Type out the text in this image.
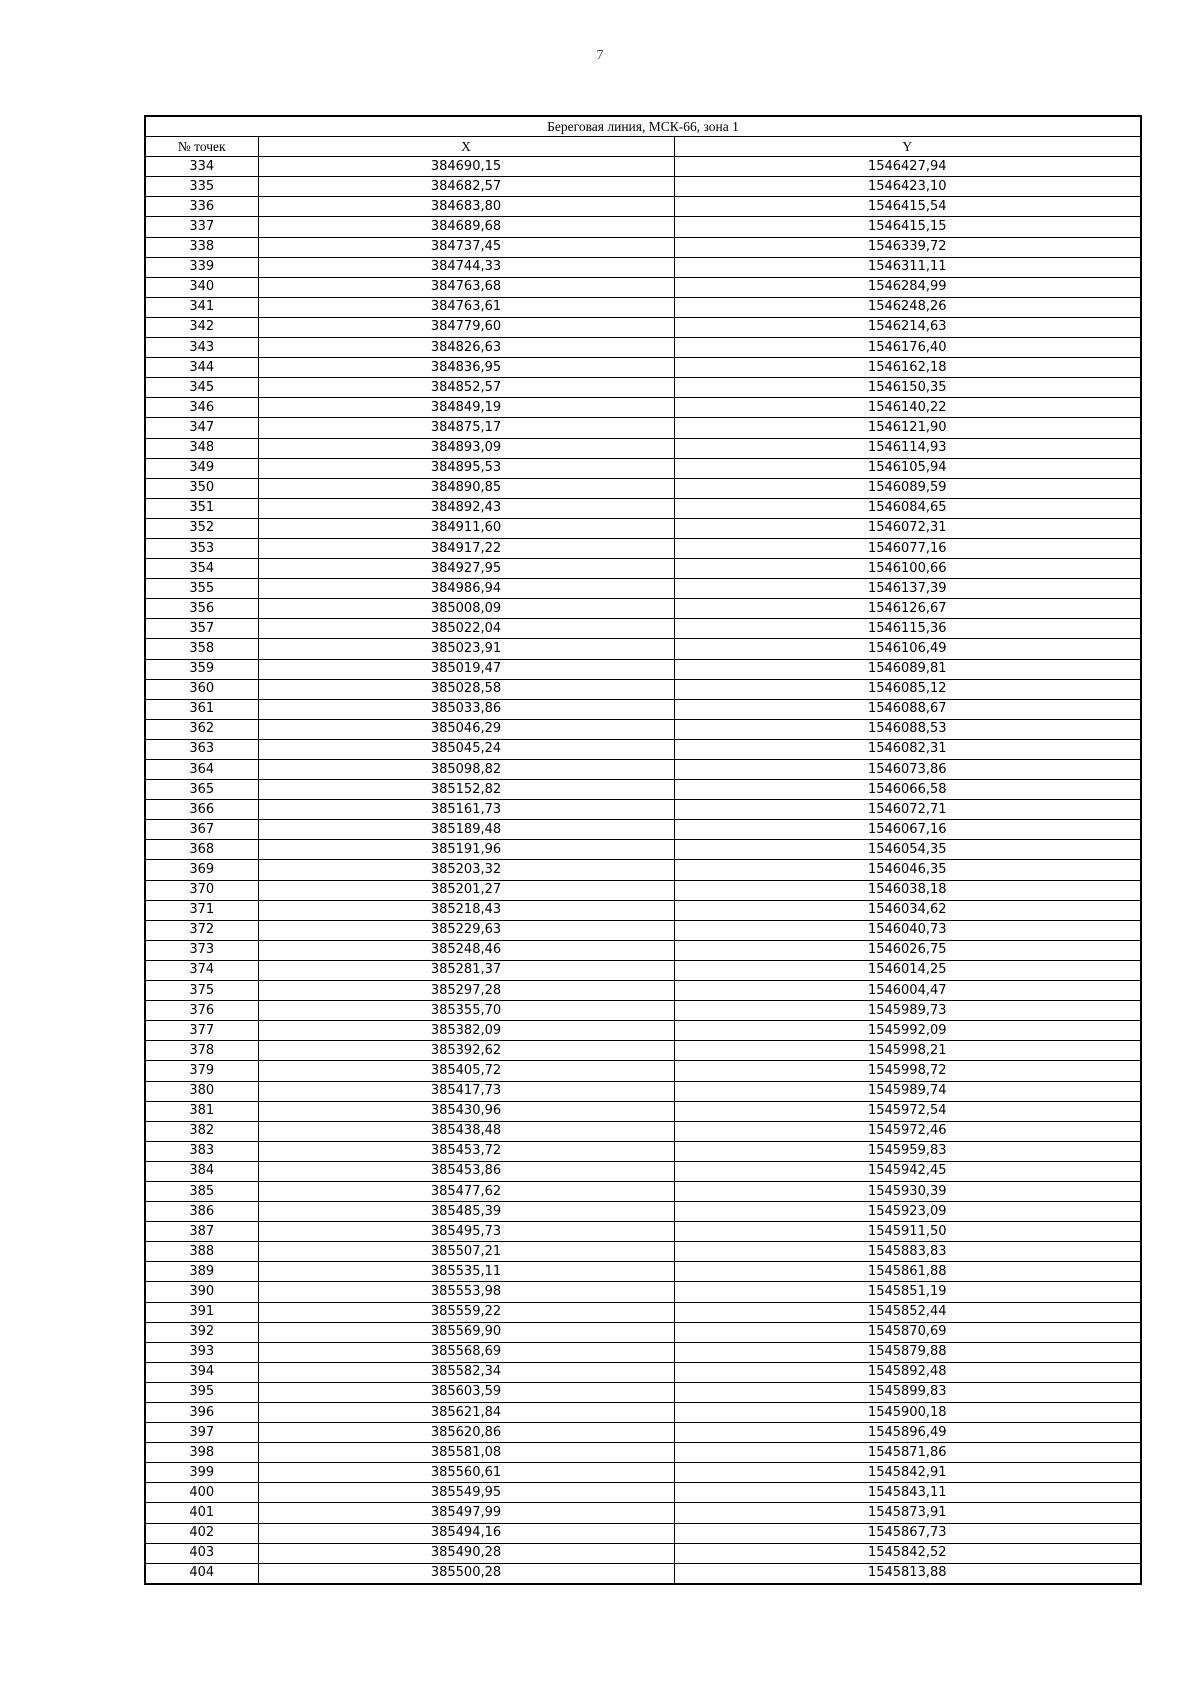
7
Береговая линия, МСК-66, зона 1		
№ точек	X	Y
334	384690,15	1546427,94
335	384682,57	1546423,10
336	384683,80	1546415,54
337	384689,68	1546415,15
338	384737,45	1546339,72
339	384744,33	1546311,11
340	384763,68	1546284,99
341	384763,61	1546248,26
342	384779,60	1546214,63
343	384826,63	1546176,40
344	384836,95	1546162,18
345	384852,57	1546150,35
346	384849,19	1546140,22
347	384875,17	1546121,90
348	384893,09	1546114,93
349	384895,53	1546105,94
350	384890,85	1546089,59
351	384892,43	1546084,65
352	384911,60	1546072,31
353	384917,22	1546077,16
354	384927,95	1546100,66
355	384986,94	1546137,39
356	385008,09	1546126,67
357	385022,04	1546115,36
358	385023,91	1546106,49
359	385019,47	1546089,81
360	385028,58	1546085,12
361	385033,86	1546088,67
362	385046,29	1546088,53
363	385045,24	1546082,31
364	385098,82	1546073,86
365	385152,82	1546066,58
366	385161,73	1546072,71
367	385189,48	1546067,16
368	385191,96	1546054,35
369	385203,32	1546046,35
370	385201,27	1546038,18
371	385218,43	1546034,62
372	385229,63	1546040,73
373	385248,46	1546026,75
374	385281,37	1546014,25
375	385297,28	1546004,47
376	385355,70	1545989,73
377	385382,09	1545992,09
378	385392,62	1545998,21
379	385405,72	1545998,72
380	385417,73	1545989,74
381	385430,96	1545972,54
382	385438,48	1545972,46
383	385453,72	1545959,83
384	385453,86	1545942,45
385	385477,62	1545930,39
386	385485,39	1545923,09
387	385495,73	1545911,50
388	385507,21	1545883,83
389	385535,11	1545861,88
390	385553,98	1545851,19
391	385559,22	1545852,44
392	385569,90	1545870,69
393	385568,69	1545879,88
394	385582,34	1545892,48
395	385603,59	1545899,83
396	385621,84	1545900,18
397	385620,86	1545896,49
398	385581,08	1545871,86
399	385560,61	1545842,91
400	385549,95	1545843,11
401	385497,99	1545873,91
402	385494,16	1545867,73
403	385490,28	1545842,52
404	385500,28	1545813,88
